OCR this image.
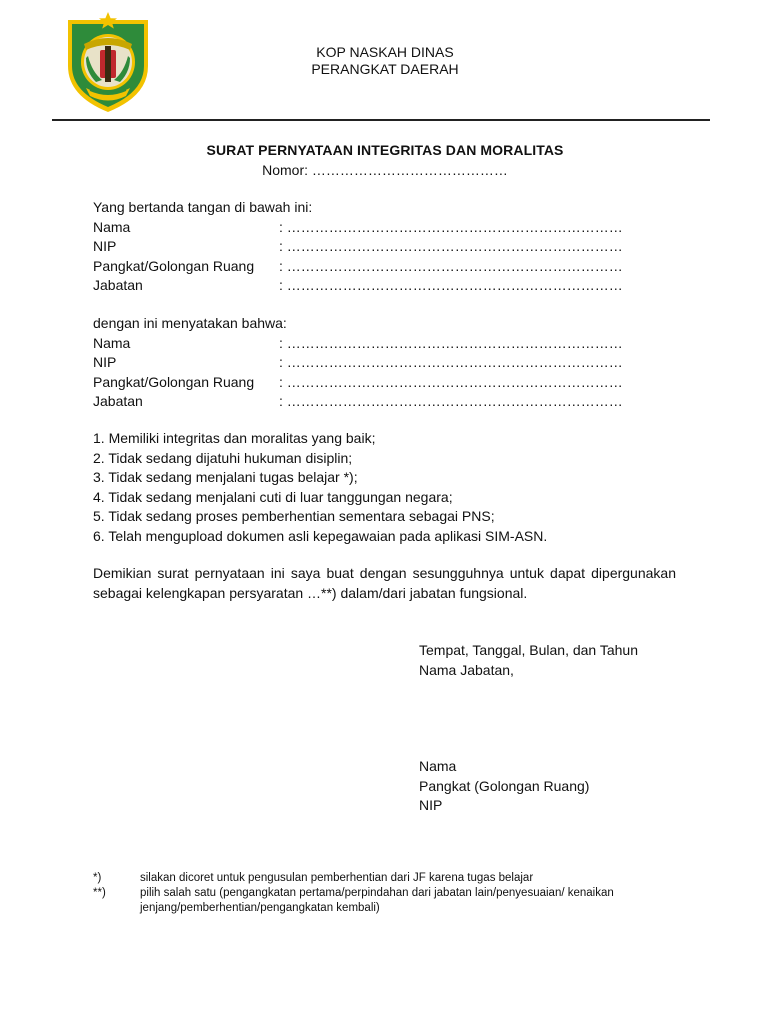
KOP NASKAH DINAS
PERANGKAT DAERAH
SURAT PERNYATAAN INTEGRITAS DAN MORALITAS
Nomor: ……………………………………
Yang bertanda tangan di bawah ini:
Nama	: ………………………………………………………………
NIP	: ………………………………………………………………
Pangkat/Golongan Ruang : ………………………………………………………………
Jabatan	: ………………………………………………………………
dengan ini menyatakan bahwa:
Nama	: ………………………………………………………………
NIP	: ………………………………………………………………
Pangkat/Golongan Ruang : ………………………………………………………………
Jabatan	: ………………………………………………………………
1. Memiliki integritas dan moralitas yang baik;
2. Tidak sedang dijatuhi hukuman disiplin;
3. Tidak sedang menjalani tugas belajar *);
4. Tidak sedang menjalani cuti di luar tanggungan negara;
5. Tidak sedang proses pemberhentian sementara sebagai PNS;
6. Telah mengupload dokumen asli kepegawaian pada aplikasi SIM-ASN.
Demikian surat pernyataan ini saya buat dengan sesungguhnya untuk dapat dipergunakan sebagai kelengkapan persyaratan …**) dalam/dari jabatan fungsional.
Tempat, Tanggal, Bulan, dan Tahun
Nama Jabatan,
Nama
Pangkat (Golongan Ruang)
NIP
*)	silakan dicoret untuk pengusulan pemberhentian dari JF karena tugas belajar
**)	pilih salah satu (pengangkatan pertama/perpindahan dari jabatan lain/penyesuaian/ kenaikan jenjang/pemberhentian/pengangkatan kembali)
